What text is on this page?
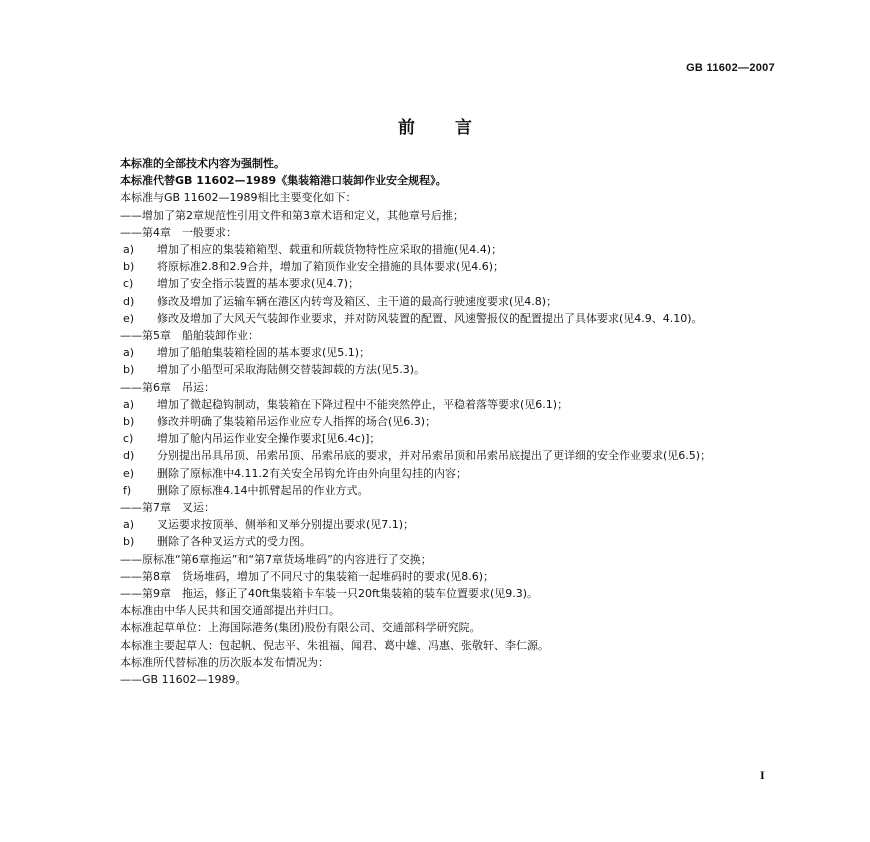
GB 11602—2007
前 言
本标准的全部技术内容为强制性。
本标准代替GB 11602—1989《集装箱港口装卸作业安全规程》。
本标准与GB 11602—1989相比主要变化如下：
——增加了第2章规范性引用文件和第3章术语和定义，其他章号后推；
——第4章　一般要求：
a)	增加了相应的集装箱箱型、载重和所载货物特性应采取的措施(见4.4)；
b)	将原标准2.8和2.9合并，增加了箱顶作业安全措施的具体要求(见4.6)；
c)	增加了安全指示装置的基本要求(见4.7)；
d)	修改及增加了运输车辆在港区内转弯及箱区、主干道的最高行驶速度要求(见4.8)；
e)	修改及增加了大风天气装卸作业要求，并对防风装置的配置、风速警报仪的配置提出了具体要求(见4.9、4.10)。
——第5章　船舶装卸作业：
a)	增加了船舶集装箱栓固的基本要求(见5.1)；
b)	增加了小船型可采取海陆侧交替装卸载的方法(见5.3)。
——第6章　吊运：
a)	增加了微起稳钩制动，集装箱在下降过程中不能突然停止，平稳着落等要求(见6.1)；
b)	修改并明确了集装箱吊运作业应专人指挥的场合(见6.3)；
c)	增加了舱内吊运作业安全操作要求[见6.4c)]；
d)	分别提出吊具吊顶、吊索吊顶、吊索吊底的要求，并对吊索吊顶和吊索吊底提出了更详细的安全作业要求(见6.5)；
e)	删除了原标准中4.11.2有关安全吊钩允许由外向里勾挂的内容；
f)	删除了原标准4.14中抓臂起吊的作业方式。
——第7章　叉运：
a)	叉运要求按顶举、侧举和叉举分别提出要求(见7.1)；
b)	删除了各种叉运方式的受力图。
——原标准“第6章拖运”和“第7章货场堆码”的内容进行了交换；
——第8章　货场堆码，增加了不同尺寸的集装箱一起堆码时的要求(见8.6)；
——第9章　拖运，修正了40ft集装箱卡车装一只20ft集装箱的装车位置要求(见9.3)。
本标准由中华人民共和国交通部提出并归口。
本标准起草单位：上海国际港务(集团)股份有限公司、交通部科学研究院。
本标准主要起草人：包起帆、倪志平、朱祖福、闻君、葛中雄、冯惠、张敬轩、李仁源。
本标准所代替标准的历次版本发布情况为：
——GB 11602—1989。
I
